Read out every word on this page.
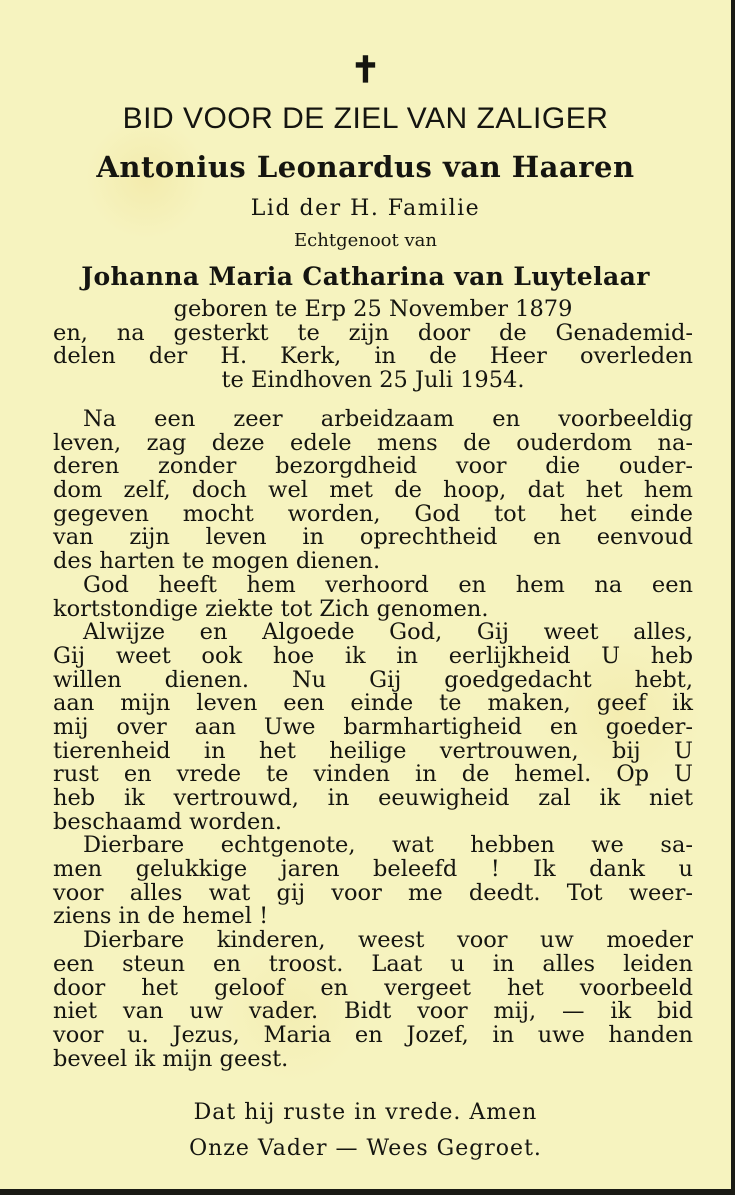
✝
BID VOOR DE ZIEL VAN ZALIGER
Antonius Leonardus van Haaren
Lid der H. Familie
Echtgenoot van
Johanna Maria Catharina van Luytelaar
geboren te Erp 25 November 1879
en, na gesterkt te zijn door de Genademid-
delen der H. Kerk, in de Heer overleden
te Eindhoven 25 Juli 1954.
Na een zeer arbeidzaam en voorbeeldig
leven, zag deze edele mens de ouderdom na-
deren zonder bezorgdheid voor die ouder-
dom zelf, doch wel met de hoop, dat het hem
gegeven mocht worden, God tot het einde
van zijn leven in oprechtheid en eenvoud
des harten te mogen dienen.
God heeft hem verhoord en hem na een
kortstondige ziekte tot Zich genomen.
Alwijze en Algoede God, Gij weet alles,
Gij weet ook hoe ik in eerlijkheid U heb
willen dienen. Nu Gij goedgedacht hebt,
aan mijn leven een einde te maken, geef ik
mij over aan Uwe barmhartigheid en goeder-
tierenheid in het heilige vertrouwen, bij U
rust en vrede te vinden in de hemel. Op U
heb ik vertrouwd, in eeuwigheid zal ik niet
beschaamd worden.
Dierbare echtgenote, wat hebben we sa-
men gelukkige jaren beleefd ! Ik dank u
voor alles wat gij voor me deedt. Tot weer-
ziens in de hemel !
Dierbare kinderen, weest voor uw moeder
een steun en troost. Laat u in alles leiden
door het geloof en vergeet het voorbeeld
niet van uw vader. Bidt voor mij, — ik bid
voor u. Jezus, Maria en Jozef, in uwe handen
beveel ik mijn geest.
Dat hij ruste in vrede. Amen
Onze Vader — Wees Gegroet.
